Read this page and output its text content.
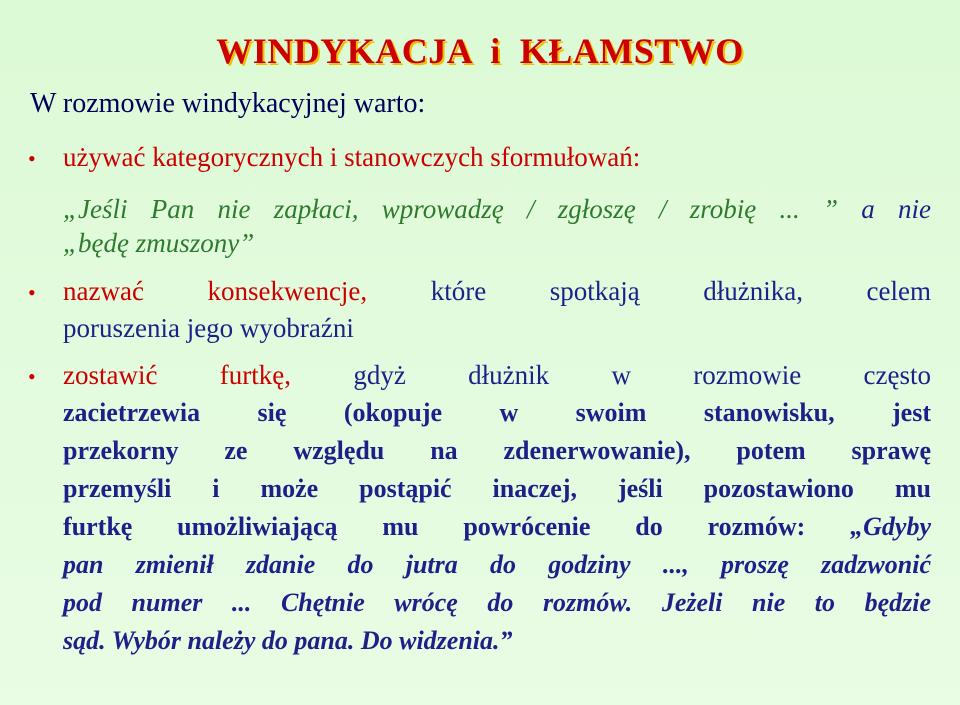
WINDYKACJA  i  KŁAMSTWO
W rozmowie windykacyjnej warto:
• używać kategorycznych i stanowczych sformułowań:
„Jeśli Pan nie zapłaci, wprowadzę / zgłoszę / zrobię ... ” a nie
„będę zmuszony”
• nazwać konsekwencje, które spotkają dłużnika, celem
poruszenia jego wyobraźni
• zostawić furtkę, gdyż dłużnik w rozmowie często
zacietrzewia się (okopuje w swoim stanowisku, jest
przekorny ze względu na zdenerwowanie), potem sprawę
przemyśli i może postąpić inaczej, jeśli pozostawiono mu
furtkę umożliwiającą mu powrócenie do rozmów: „Gdyby
pan zmienił zdanie do jutra do godziny ..., proszę zadzwonić
pod numer ... Chętnie wrócę do rozmów. Jeżeli nie to będzie
sąd. Wybór należy do pana. Do widzenia.”
